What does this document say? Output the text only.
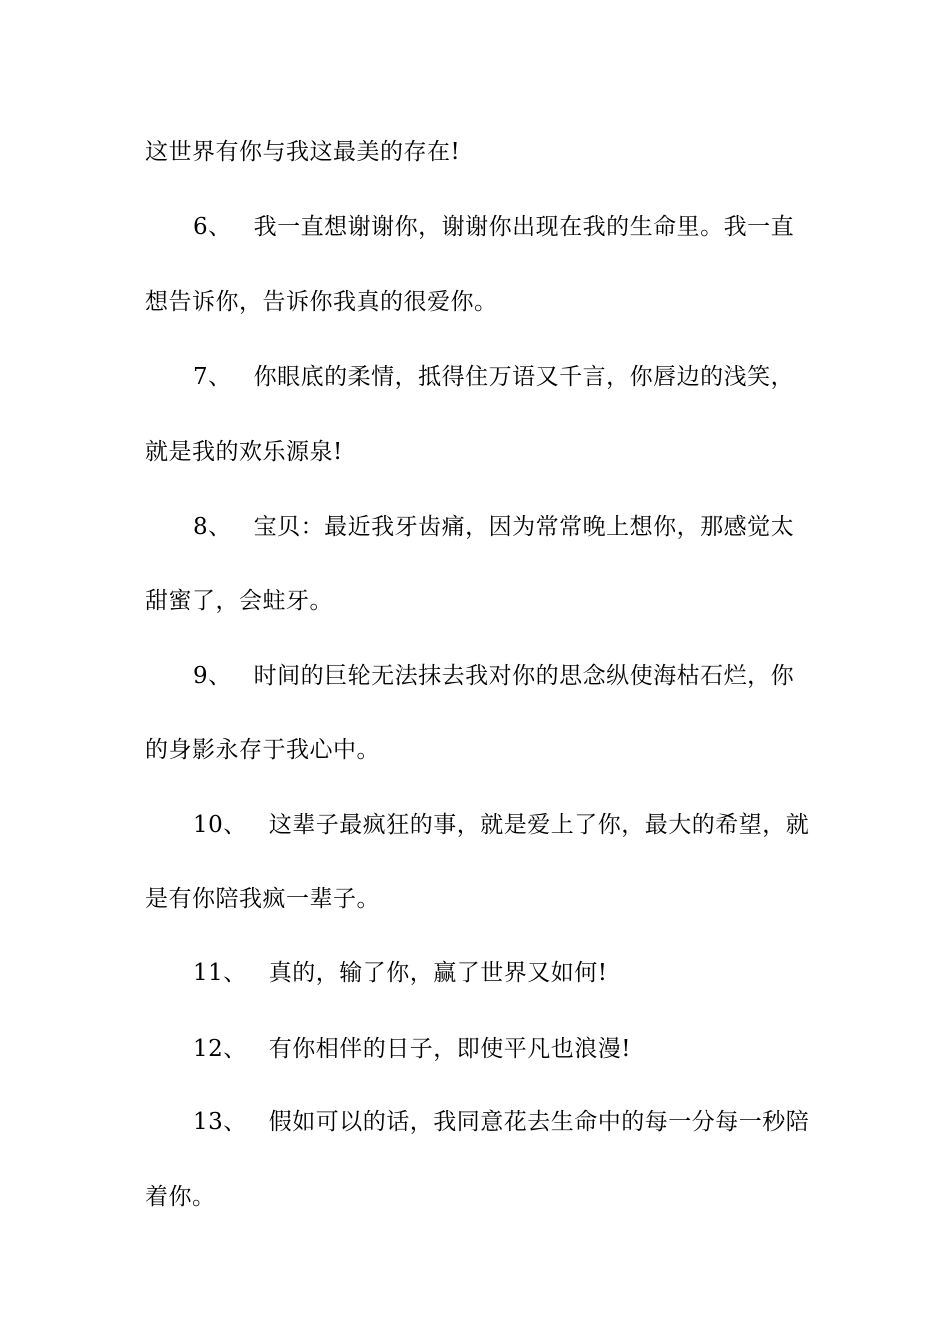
这世界有你与我这最美的存在!
6、 我一直想谢谢你，谢谢你出现在我的生命里。我一直
想告诉你，告诉你我真的很爱你。
7、 你眼底的柔情，抵得住万语又千言，你唇边的浅笑，
就是我的欢乐源泉!
8、 宝贝：最近我牙齿痛，因为常常晚上想你，那感觉太
甜蜜了，会蛀牙。
9、 时间的巨轮无法抹去我对你的思念纵使海枯石烂，你
的身影永存于我心中。
10、 这辈子最疯狂的事，就是爱上了你，最大的希望，就
是有你陪我疯一辈子。
11、 真的，输了你，赢了世界又如何!
12、 有你相伴的日子，即使平凡也浪漫!
13、 假如可以的话，我同意花去生命中的每一分每一秒陪
着你。
